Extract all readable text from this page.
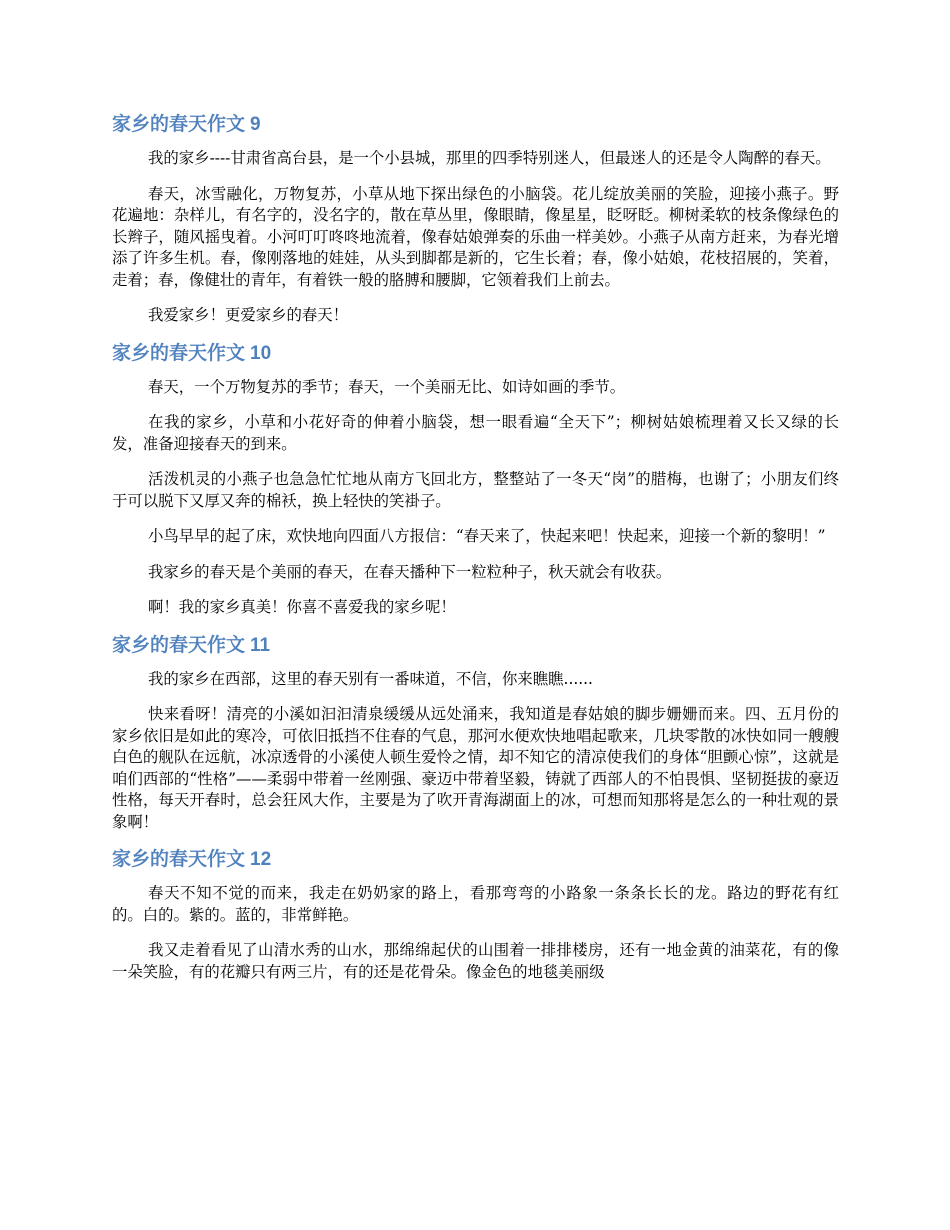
家乡的春天作文 9

我的家乡----甘肃省高台县，是一个小县城，那里的四季特别迷人，但最迷人的还是令人陶醉的春天。

春天，冰雪融化，万物复苏，小草从地下探出绿色的小脑袋。花儿绽放美丽的笑脸，迎接小燕子。野花遍地：杂样儿，有名字的，没名字的，散在草丛里，像眼睛，像星星，眨呀眨。柳树柔软的枝条像绿色的长辫子，随风摇曳着。小河叮叮咚咚地流着，像春姑娘弹奏的乐曲一样美妙。小燕子从南方赶来，为春光增添了许多生机。春，像刚落地的娃娃，从头到脚都是新的，它生长着；春，像小姑娘，花枝招展的，笑着，走着；春，像健壮的青年，有着铁一般的胳膊和腰脚，它领着我们上前去。

我爱家乡！更爱家乡的春天！

家乡的春天作文 10

春天，一个万物复苏的季节；春天，一个美丽无比、如诗如画的季节。

在我的家乡，小草和小花好奇的伸着小脑袋，想一眼看遍“全天下”；柳树姑娘梳理着又长又绿的长发，准备迎接春天的到来。

活泼机灵的小燕子也急急忙忙地从南方飞回北方，整整站了一冬天“岗”的腊梅，也谢了；小朋友们终于可以脱下又厚又奔的棉袄，换上轻快的笑褂子。

小鸟早早的起了床，欢快地向四面八方报信：“春天来了，快起来吧！快起来，迎接一个新的黎明！”

我家乡的春天是个美丽的春天，在春天播种下一粒粒种子，秋天就会有收获。

啊！我的家乡真美！你喜不喜爱我的家乡呢！

家乡的春天作文 11

我的家乡在西部，这里的春天别有一番味道，不信，你来瞧瞧......

快来看呀！清亮的小溪如汩汩清泉缓缓从远处涌来，我知道是春姑娘的脚步姗姗而来。四、五月份的家乡依旧是如此的寒冷，可依旧抵挡不住春的气息，那河水便欢快地唱起歌来，几块零散的冰快如同一艘艘白色的舰队在远航，冰凉透骨的小溪使人顿生爱怜之情，却不知它的清凉使我们的身体“胆颤心惊”，这就是咱们西部的“性格”——柔弱中带着一丝刚强、豪迈中带着坚毅，铸就了西部人的不怕畏惧、坚韧挺拔的豪迈性格，每天开春时，总会狂风大作，主要是为了吹开青海湖面上的冰，可想而知那将是怎么的一种壮观的景象啊！

家乡的春天作文 12

春天不知不觉的而来，我走在奶奶家的路上，看那弯弯的小路象一条条长长的龙。路边的野花有红的。白的。紫的。蓝的，非常鲜艳。

我又走着看见了山清水秀的山水，那绵绵起伏的山围着一排排楼房，还有一地金黄的油菜花，有的像一朵笑脸，有的花瓣只有两三片，有的还是花骨朵。像金色的地毯美丽级
